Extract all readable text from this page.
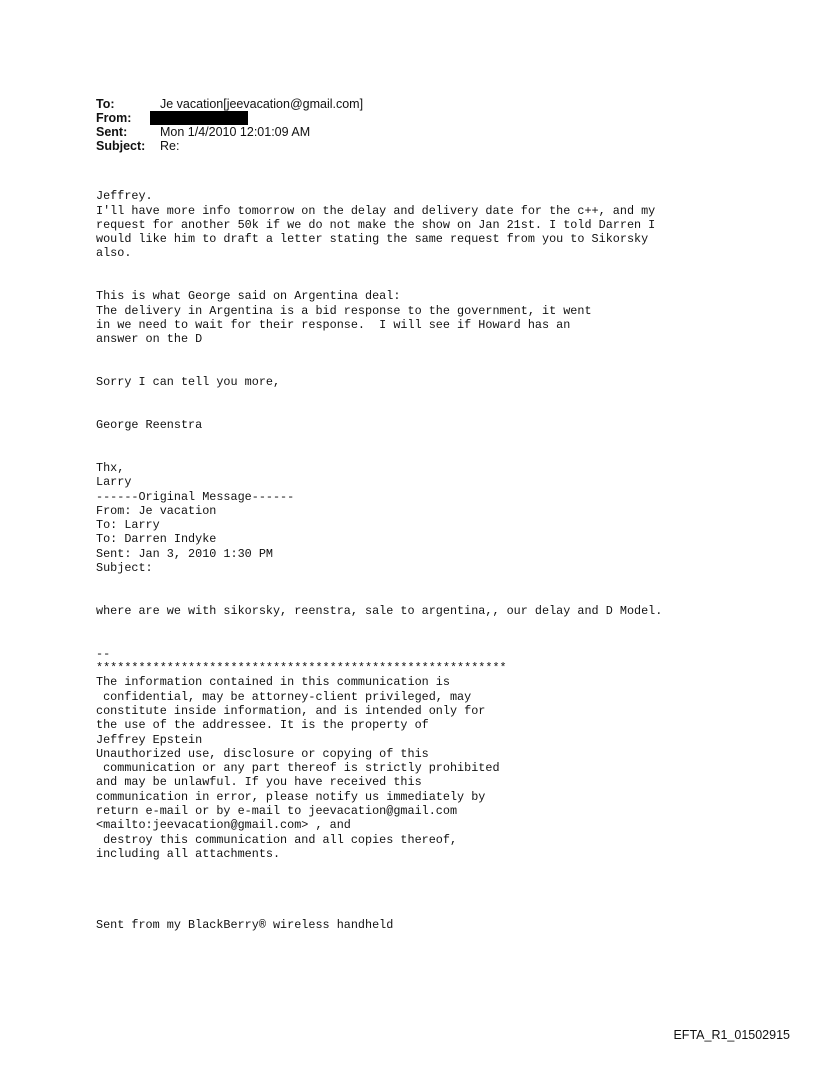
To:	Je vacation[jeevacation@gmail.com]
From:
Sent:	Mon 1/4/2010 12:01:09 AM
Subject:	Re:

Jeffrey.
I'll have more info tomorrow on the delay and delivery date for the c++, and my
request for another 50k if we do not make the show on Jan 21st. I told Darren I
would like him to draft a letter stating the same request from you to Sikorsky
also.

This is what George said on Argentina deal:
The delivery in Argentina is a bid response to the government, it went
in we need to wait for their response.  I will see if Howard has an
answer on the D

Sorry I can tell you more,

George Reenstra

Thx,
Larry
------Original Message------
From: Je vacation
To: Larry
To: Darren Indyke
Sent: Jan 3, 2010 1:30 PM
Subject:

where are we with sikorsky, reenstra, sale to argentina,, our delay and D Model.

--
**********************************************************
The information contained in this communication is
confidential, may be attorney-client privileged, may
constitute inside information, and is intended only for
the use of the addressee. It is the property of
Jeffrey Epstein
Unauthorized use, disclosure or copying of this
communication or any part thereof is strictly prohibited
and may be unlawful. If you have received this
communication in error, please notify us immediately by
return e-mail or by e-mail to jeevacation@gmail.com
<mailto:jeevacation@gmail.com> , and
destroy this communication and all copies thereof,
including all attachments.

Sent from my BlackBerry® wireless handheld

EFTA_R1_01502915
